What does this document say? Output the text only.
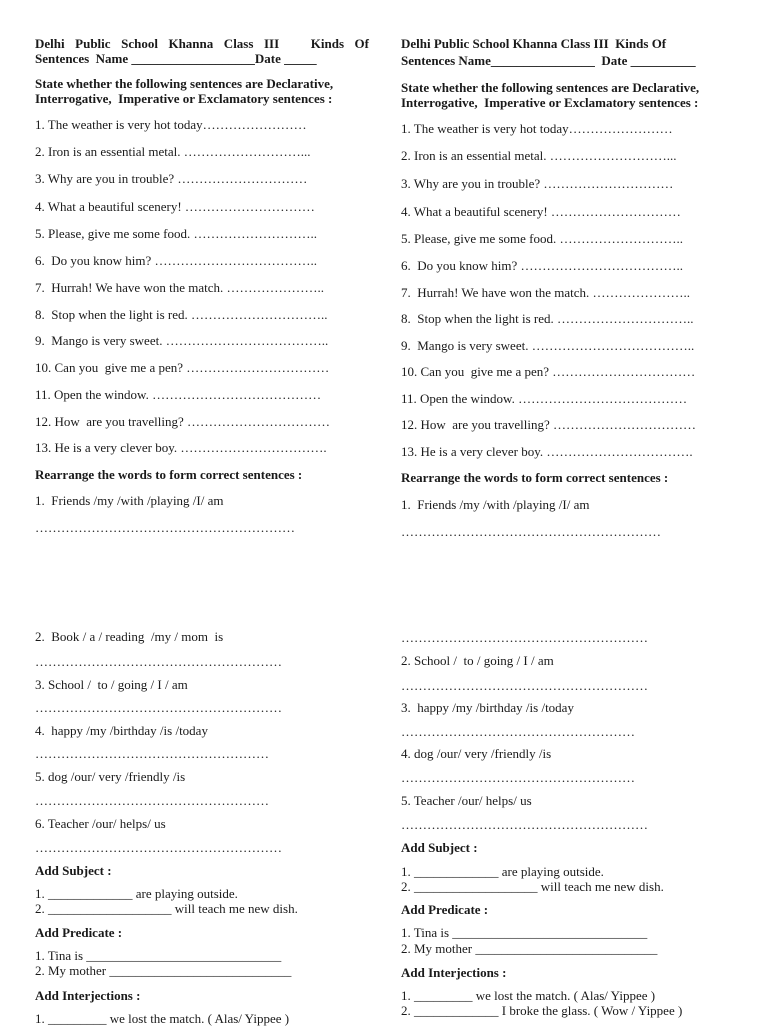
Delhi Public School Khanna Class III   Kinds Of
Sentences  Name ___________________Date _____
State whether the following sentences are Declarative,
Interrogative,  Imperative or Exclamatory sentences :
1. The weather is very hot today……………………
2. Iron is an essential metal. ………………………...
3. Why are you in trouble? …………………………
4. What a beautiful scenery! …………………………
5. Please, give me some food. ………………………..
6.  Do you know him? ………………………………..
7.  Hurrah! We have won the match. …………………..
8.  Stop when the light is red. …………………………..
9.  Mango is very sweet. ………………………………..
10. Can you  give me a pen? ……………………………
11. Open the window. …………………………………
12. How  are you travelling? ……………………………
13. He is a very clever boy. …………………………….
Rearrange the words to form correct sentences :
1.  Friends /my /with /playing /I/ am
……………………………………………………
2.  Book / a / reading  /my / mom  is
…………………………………………………
3. School /  to / going / I / am
…………………………………………………
4.  happy /my /birthday /is /today
………………………………………………
5. dog /our/ very /friendly /is
………………………………………………
6. Teacher /our/ helps/ us
…………………………………………………
Add Subject :
1. _____________ are playing outside.
2. ___________________ will teach me new dish.
Add Predicate :
1. Tina is ______________________________
2. My mother ____________________________
Add Interjections :
1. _________ we lost the match. ( Alas/ Yippee )
Delhi Public School Khanna Class III  Kinds Of
Sentences Name________________  Date __________
State whether the following sentences are Declarative,
Interrogative,  Imperative or Exclamatory sentences :
1. The weather is very hot today……………………
2. Iron is an essential metal. ………………………...
3. Why are you in trouble? …………………………
4. What a beautiful scenery! …………………………
5. Please, give me some food. ………………………..
6.  Do you know him? ………………………………..
7.  Hurrah! We have won the match. …………………..
8.  Stop when the light is red. …………………………..
9.  Mango is very sweet. ………………………………..
10. Can you  give me a pen? ……………………………
11. Open the window. …………………………………
12. How  are you travelling? ……………………………
13. He is a very clever boy. …………………………….
Rearrange the words to form correct sentences :
1.  Friends /my /with /playing /I/ am
……………………………………………………
…………………………………………………
2. School /  to / going / I / am
…………………………………………………
3.  happy /my /birthday /is /today
………………………………………………
4. dog /our/ very /friendly /is
………………………………………………
5. Teacher /our/ helps/ us
…………………………………………………
Add Subject :
1. _____________ are playing outside.
2. ___________________ will teach me new dish.
Add Predicate :
1. Tina is ______________________________
2. My mother ____________________________
Add Interjections :
1. _________ we lost the match. ( Alas/ Yippee )
2. _____________ I broke the glass. ( Wow / Yippee )
